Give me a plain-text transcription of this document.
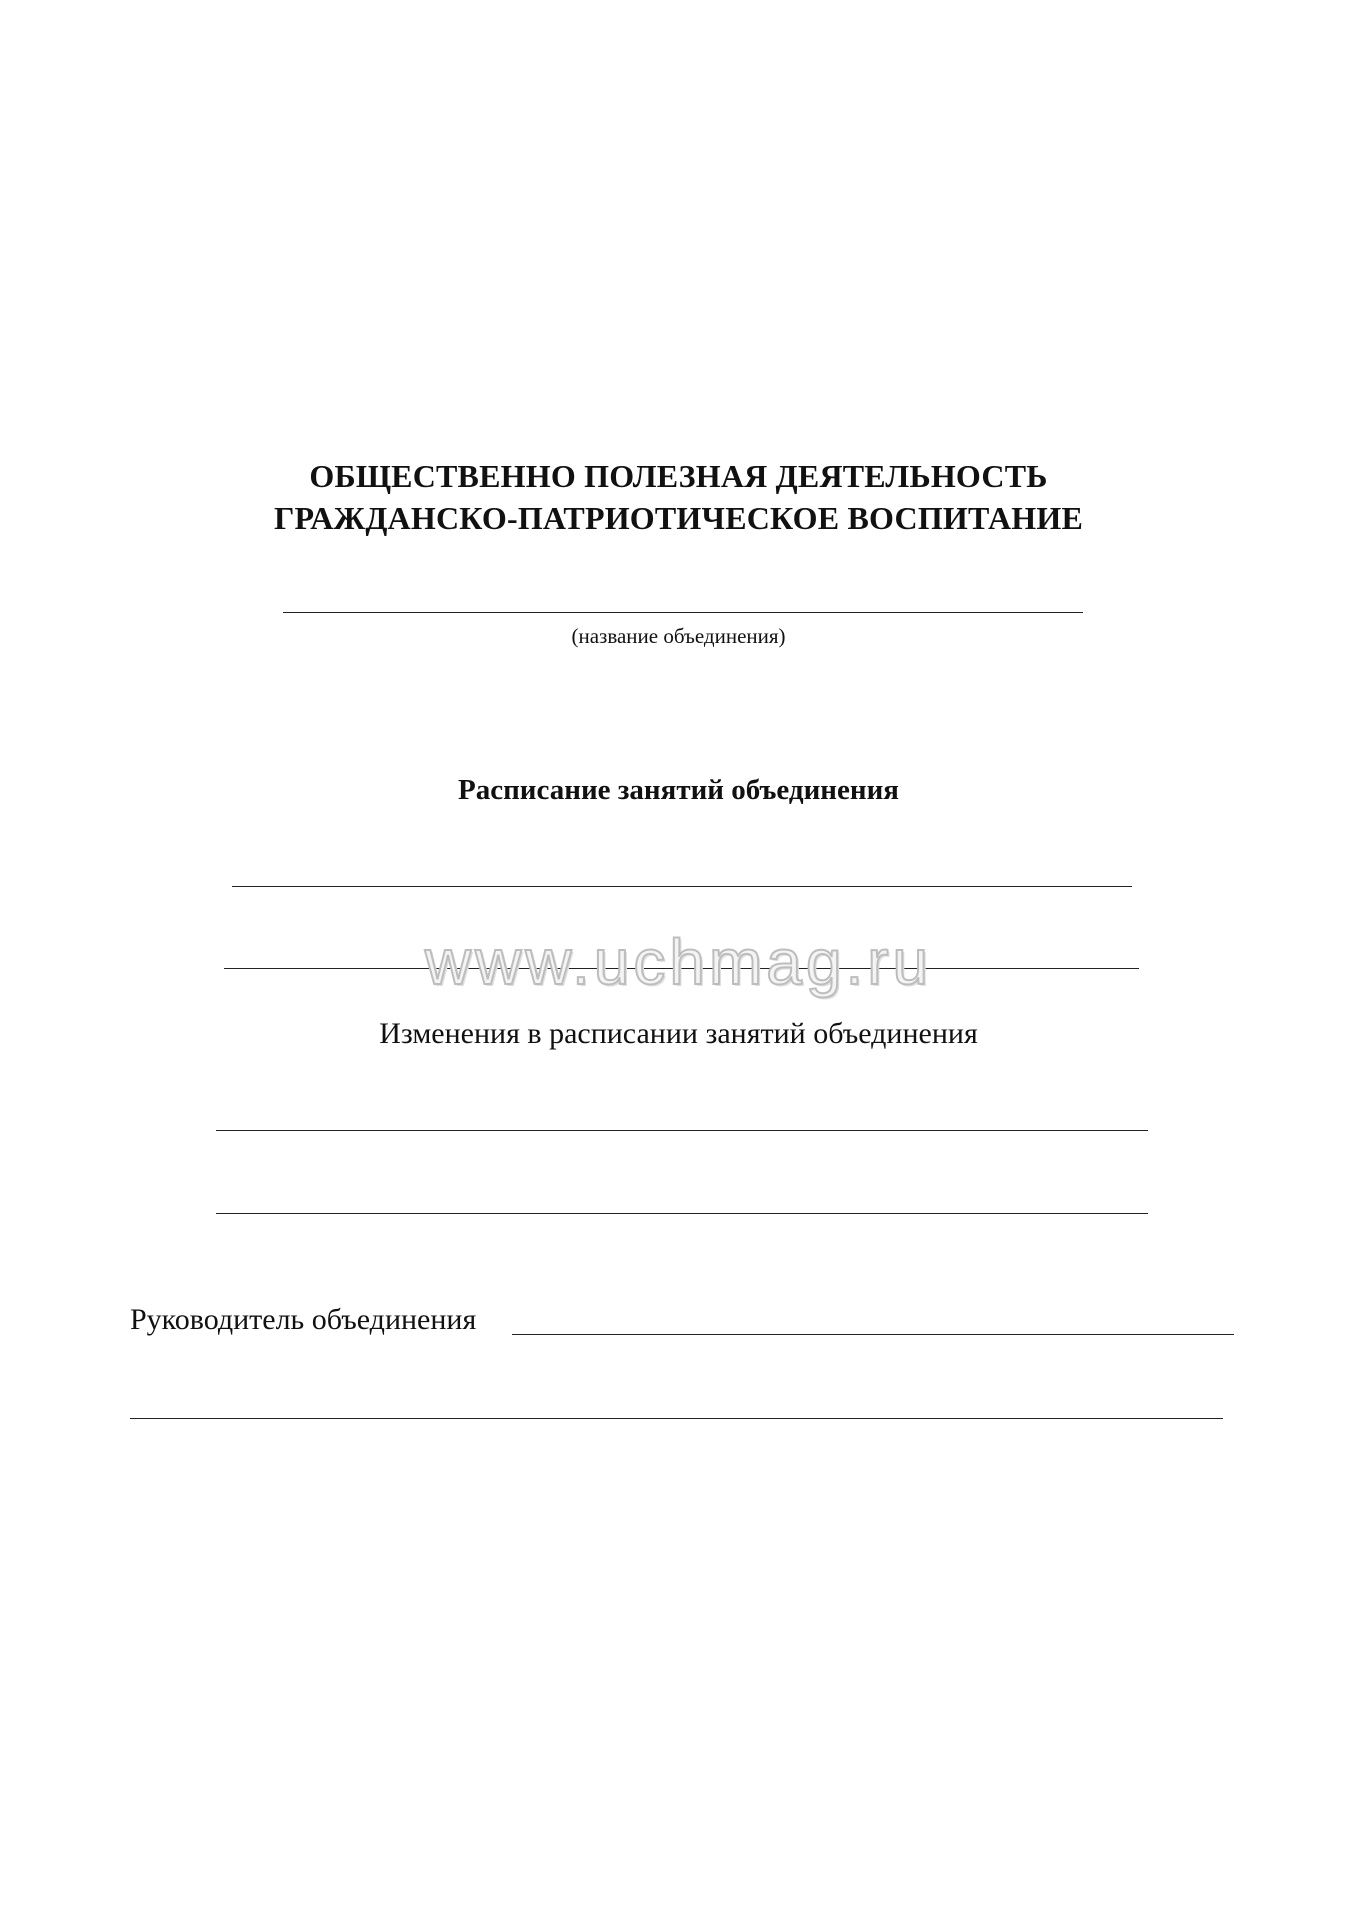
ОБЩЕСТВЕННО ПОЛЕЗНАЯ ДЕЯТЕЛЬНОСТЬ
ГРАЖДАНСКО-ПАТРИОТИЧЕСКОЕ ВОСПИТАНИЕ
(название объединения)
Расписание занятий объединения
Изменения в расписании занятий объединения
Руководитель объединения
www.uchmag.ru
